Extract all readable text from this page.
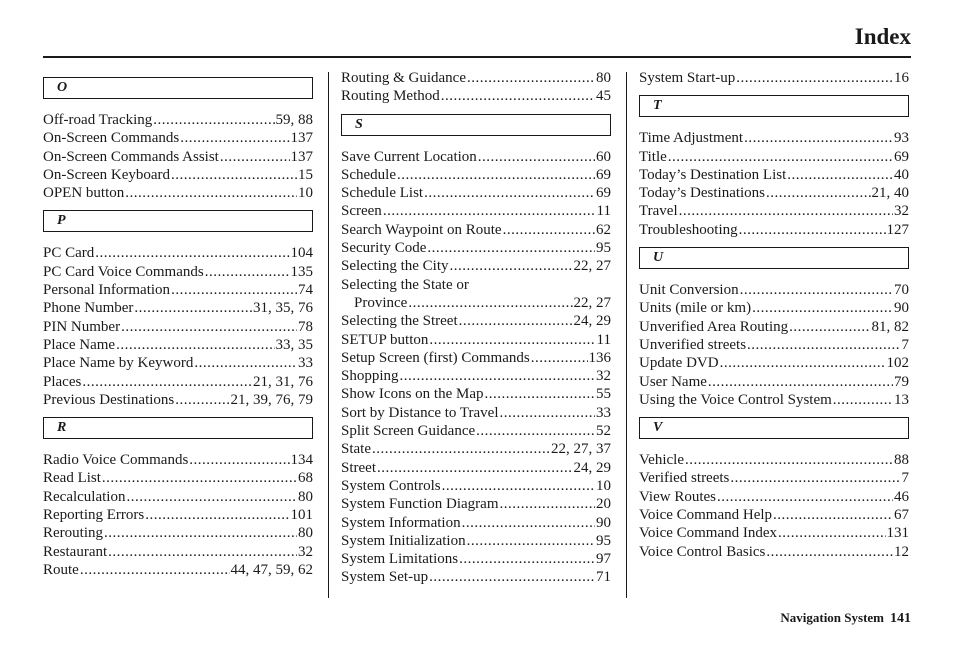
Index
O
Off-road Tracking .....	59, 88
On-Screen Commands .....	137
On-Screen Commands Assist .....	137
On-Screen Keyboard .....	15
OPEN button .....	10
P
PC Card .....	104
PC Card Voice Commands .....	135
Personal Information .....	74
Phone Number .....	31, 35, 76
PIN Number .....	78
Place Name .....	33, 35
Place Name by Keyword .....	33
Places .....	21, 31, 76
Previous Destinations .....	21, 39, 76, 79
R
Radio Voice Commands .....	134
Read List .....	68
Recalculation .....	80
Reporting Errors .....	101
Rerouting .....	80
Restaurant .....	32
Route .....	44, 47, 59, 62
Routing & Guidance .....	80
Routing Method .....	45
S
Save Current Location .....	60
Schedule .....	69
Schedule List .....	69
Screen .....	11
Search Waypoint on Route .....	62
Security Code .....	95
Selecting the City .....	22, 27
Selecting the State or
Province .....	22, 27
Selecting the Street .....	24, 29
SETUP button .....	11
Setup Screen (first) Commands .....	136
Shopping .....	32
Show Icons on the Map .....	55
Sort by Distance to Travel .....	33
Split Screen Guidance .....	52
State .....	22, 27, 37
Street .....	24, 29
System Controls .....	10
System Function Diagram .....	20
System Information .....	90
System Initialization .....	95
System Limitations .....	97
System Set-up .....	71
System Start-up .....	16
T
Time Adjustment .....	93
Title .....	69
Today’s Destination List .....	40
Today’s Destinations .....	21, 40
Travel .....	32
Troubleshooting .....	127
U
Unit Conversion .....	70
Units (mile or km) .....	90
Unverified Area Routing .....	81, 82
Unverified streets .....	7
Update DVD .....	102
User Name .....	79
Using the Voice Control System .....	13
V
Vehicle .....	88
Verified streets .....	7
View Routes .....	46
Voice Command Help .....	67
Voice Command Index .....	131
Voice Control Basics .....	12
Navigation System 141
